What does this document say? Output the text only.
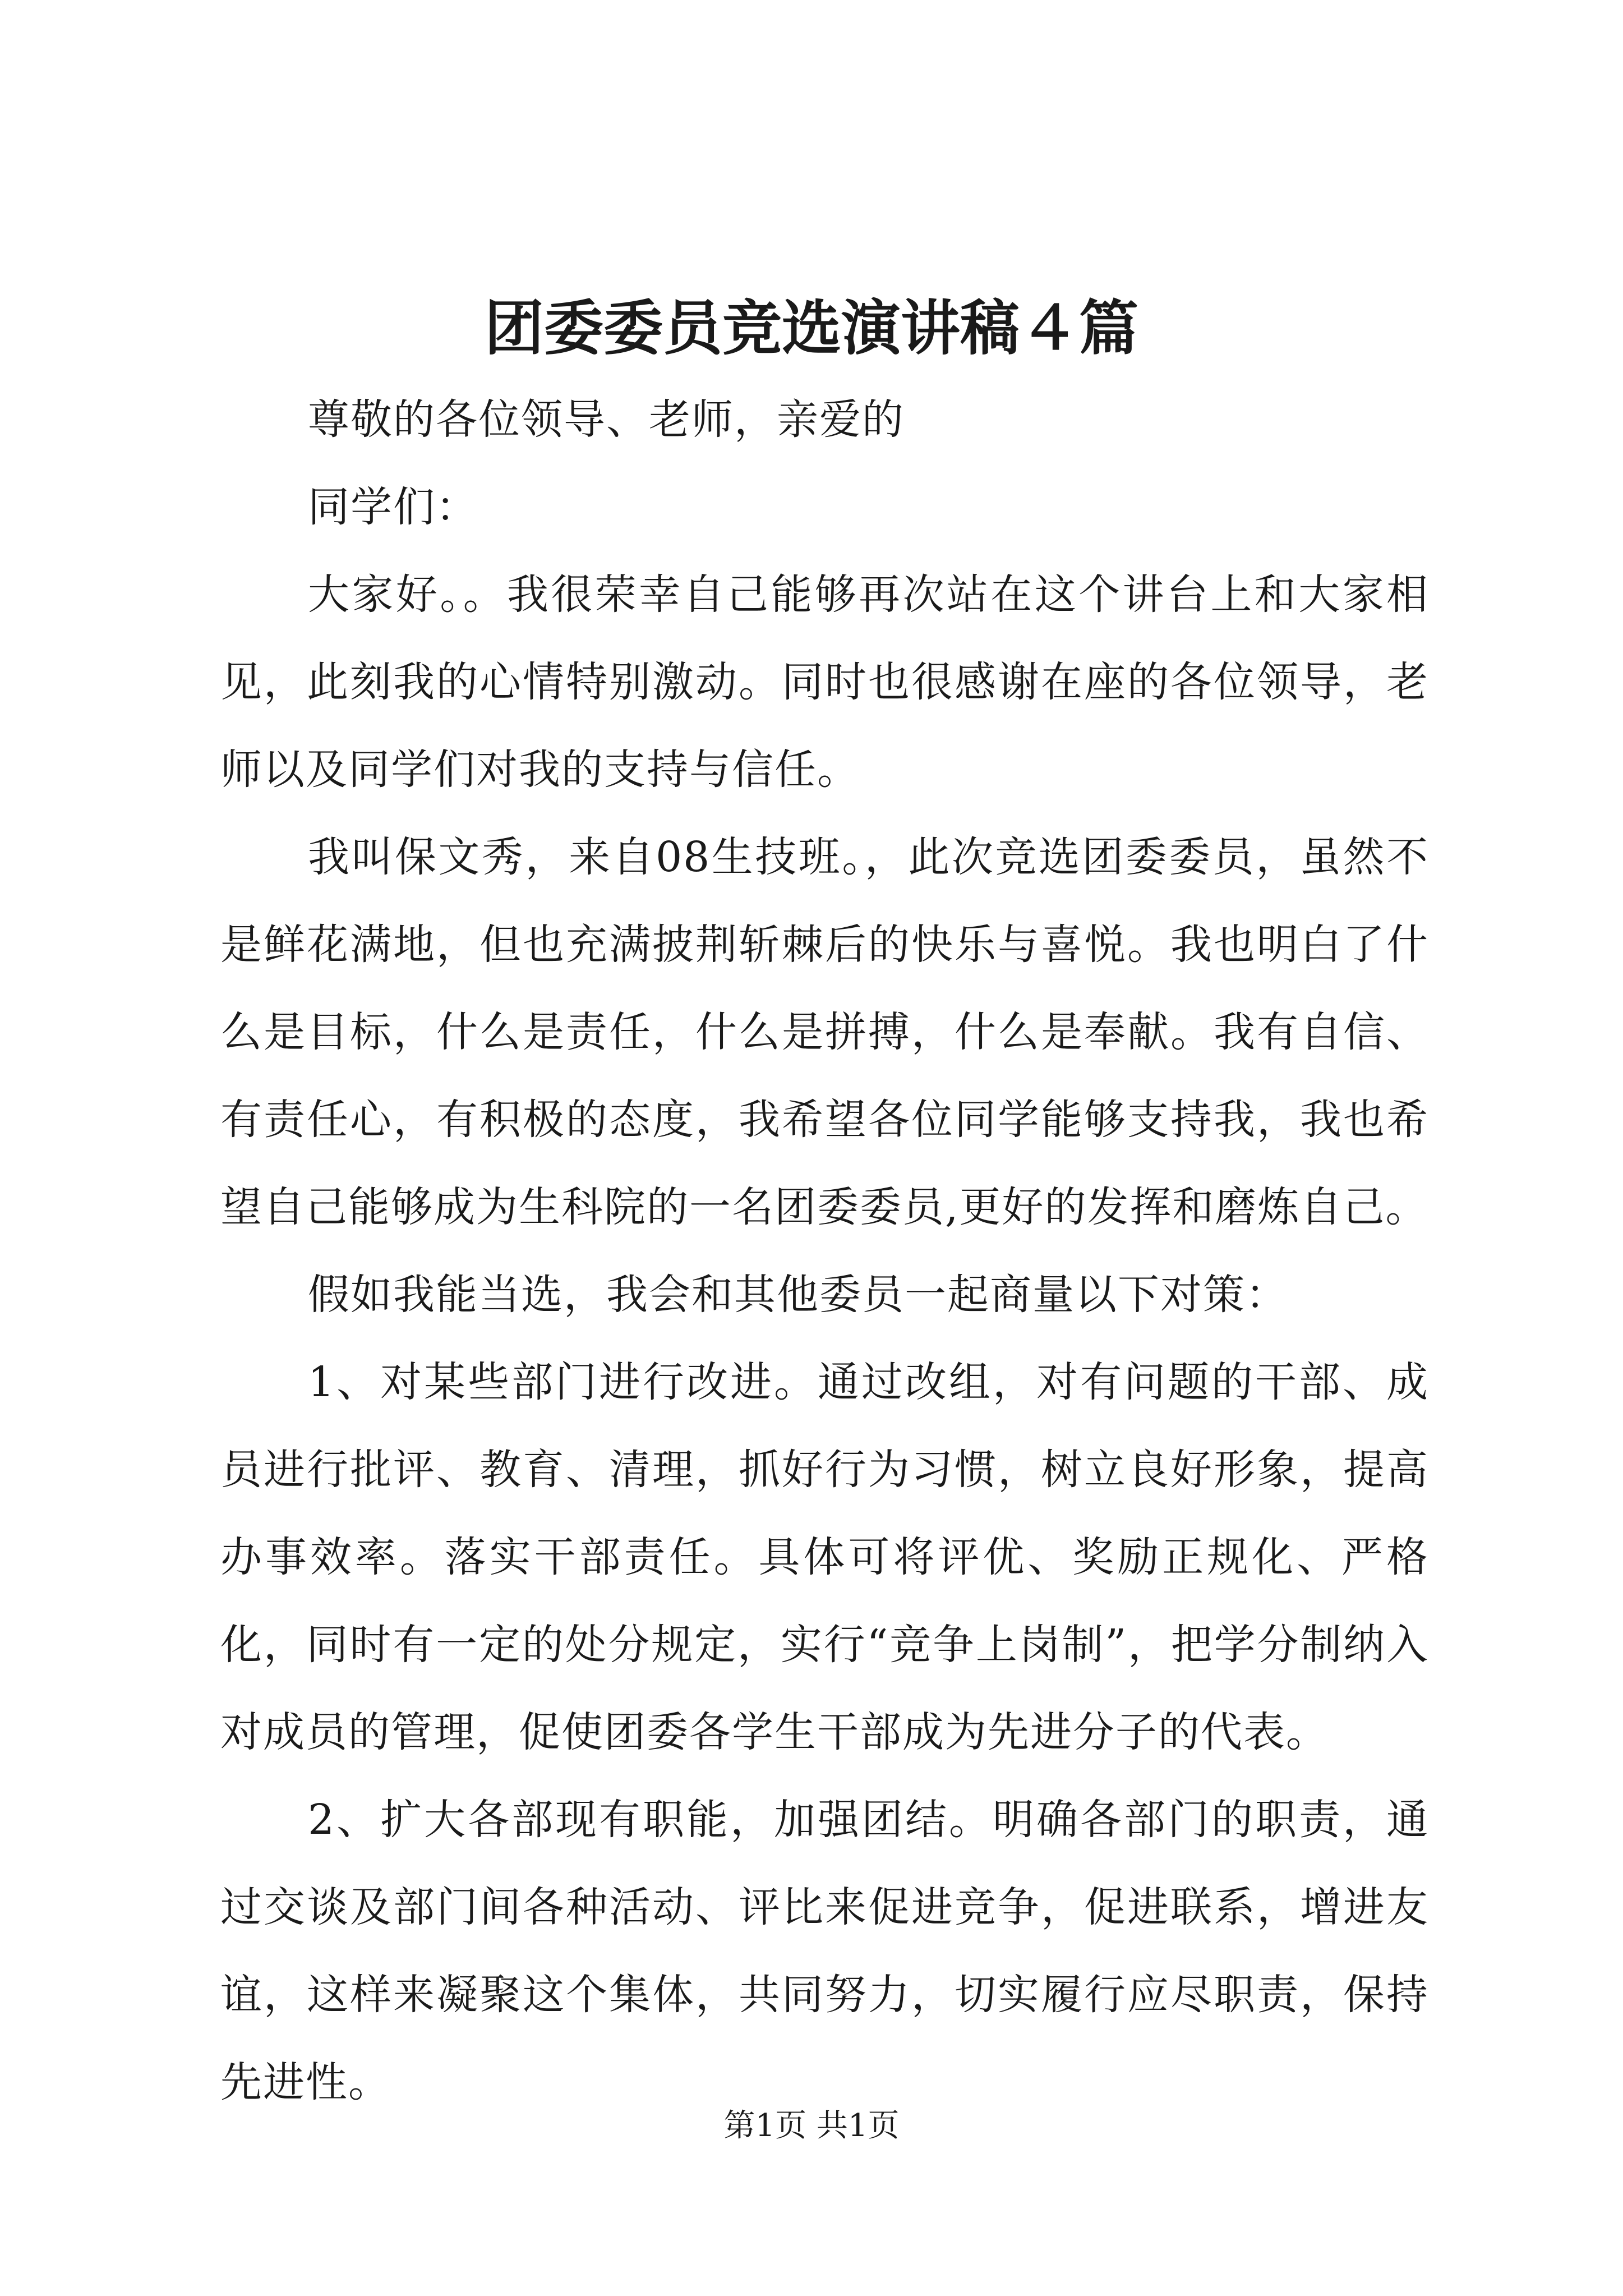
团委委员竞选演讲稿４篇

尊敬的各位领导、老师，亲爱的

同学们：

大家好。。我很荣幸自己能够再次站在这个讲台上和大家相见，此刻我的心情特别激动。同时也很感谢在座的各位领导，老师以及同学们对我的支持与信任。

我叫保文秀，来自08生技班。，此次竞选团委委员，虽然不是鲜花满地，但也充满披荆斩棘后的快乐与喜悦。我也明白了什么是目标，什么是责任，什么是拼搏，什么是奉献。我有自信、有责任心，有积极的态度，我希望各位同学能够支持我，我也希望自己能够成为生科院的一名团委委员,更好的发挥和磨炼自己。

假如我能当选，我会和其他委员一起商量以下对策：

1、对某些部门进行改进。通过改组，对有问题的干部、成员进行批评、教育、清理，抓好行为习惯，树立良好形象，提高办事效率。落实干部责任。具体可将评优、奖励正规化、严格化，同时有一定的处分规定，实行“竞争上岗制”，把学分制纳入对成员的管理，促使团委各学生干部成为先进分子的代表。

2、扩大各部现有职能，加强团结。明确各部门的职责，通过交谈及部门间各种活动、评比来促进竞争，促进联系，增进友谊，这样来凝聚这个集体，共同努力，切实履行应尽职责，保持先进性。

第1页 共1页
